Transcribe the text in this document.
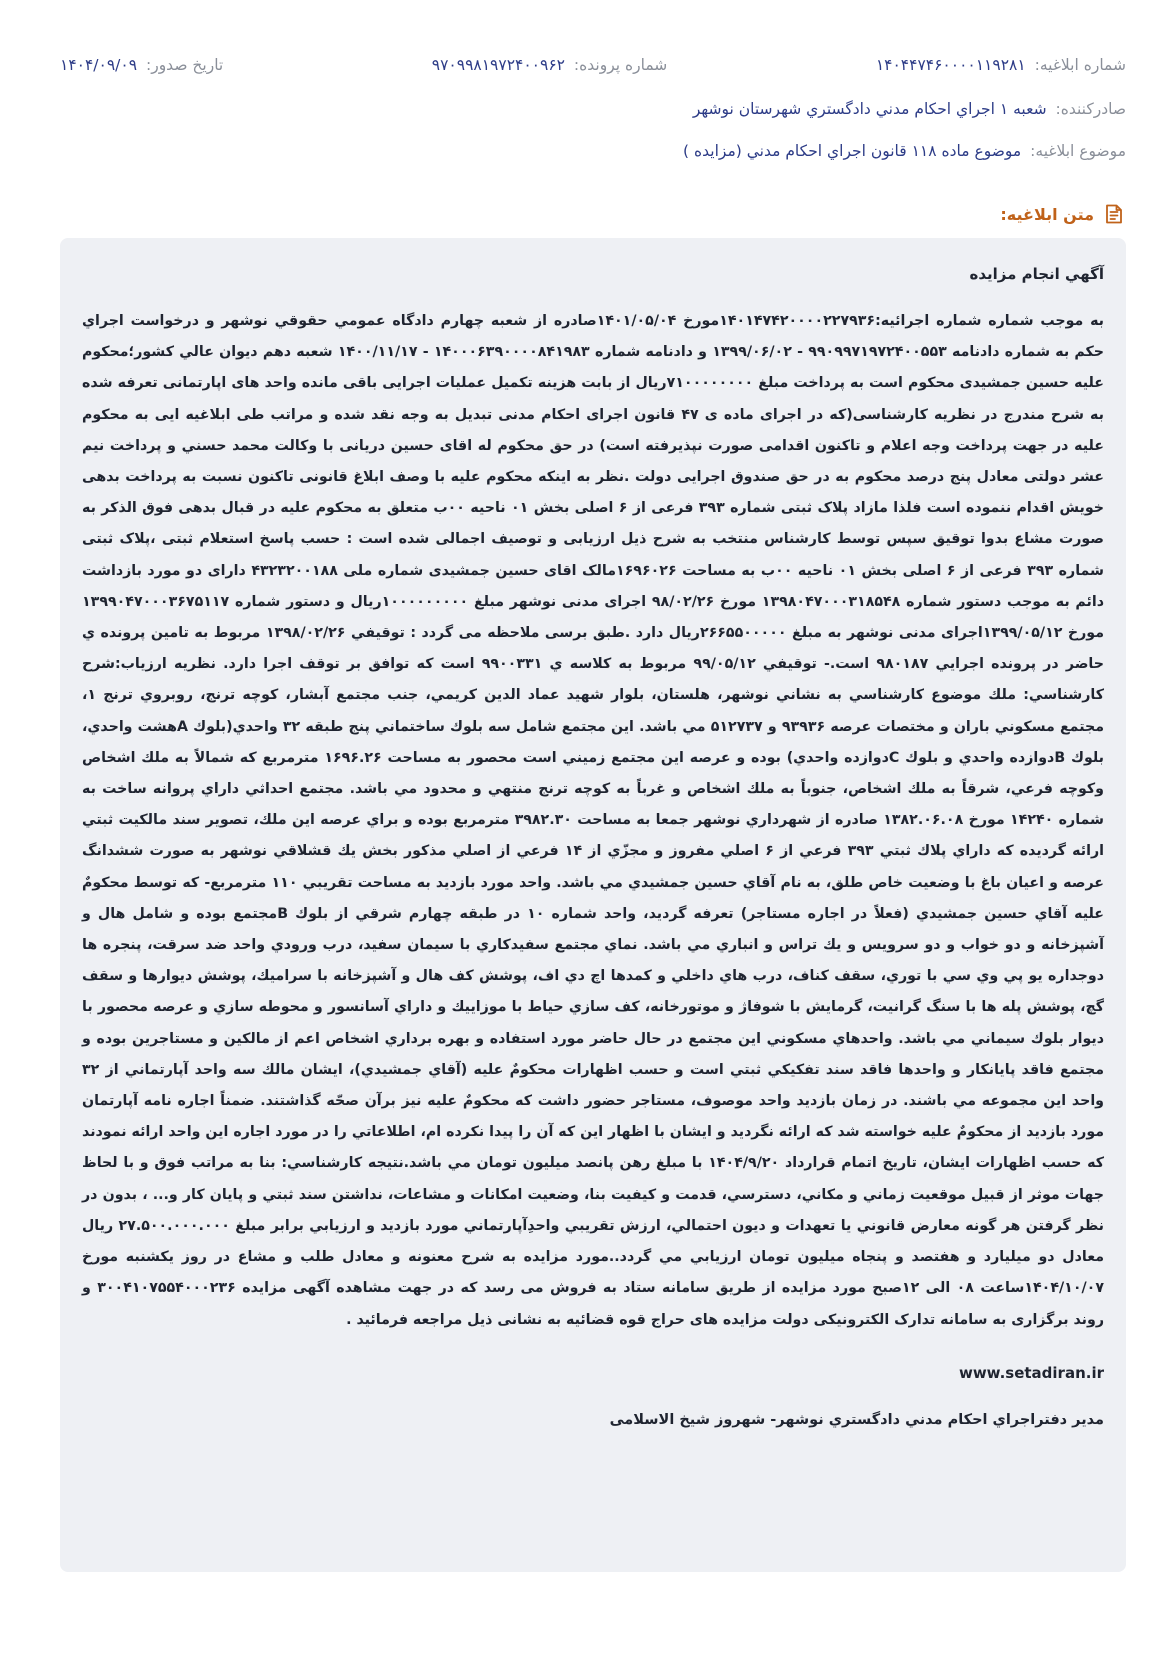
شماره ابلاغيه: ۱۴۰۴۴۷۴۶۰۰۰۰۱۱۹۲۸۱
شماره پرونده: ۹۷۰۹۹۸۱۹۷۲۴۰۰۹۶۲
تاريخ صدور: ۱۴۰۴/۰۹/۰۹
صادرکننده: شعبه ۱ اجراي احکام مدني دادگستري شهرستان نوشهر
موضوع ابلاغيه: موضوع ماده ۱۱۸ قانون اجراي احکام مدني (مزايده )
متن ابلاغيه:

آگهي انجام مزايده

به موجب شماره شماره اجرائيه:۱۴۰۱۴۷۴۲۰۰۰۰۲۲۷۹۳۶مورخ ۱۴۰۱/۰۵/۰۴صادره از شعبه چهارم دادگاه عمومي حقوقي نوشهر و درخواست اجراي حکم به شماره دادنامه ۹۹۰۹۹۷۱۹۷۲۴۰۰۵۵۳ - ۱۳۹۹/۰۶/۰۲ و دادنامه شماره ۱۴۰۰۰۶۳۹۰۰۰۰۸۴۱۹۸۳ - ۱۴۰۰/۱۱/۱۷ شعبه دهم ديوان عالي کشور؛محکوم عليه حسين جمشيدی محکوم است به پرداخت مبلغ ۷۱۰۰۰۰۰۰۰۰ريال از بابت هزينه تکميل عمليات اجرايی باقی مانده واحد های اپارتمانی تعرفه شده به شرح مندرج در نظريه کارشناسی(که در اجرای ماده ی ۴۷ قانون اجرای احکام مدنی تبديل به وجه نقد شده و مراتب طی ابلاغيه ايی به محکوم عليه در جهت پرداخت وجه اعلام و تاکنون اقدامی صورت نپذيرفته است) در حق محکوم له اقای حسين دريانی با وکالت محمد حسني و پرداخت نيم عشر دولتی معادل پنج درصد محکوم به در حق صندوق اجرايی دولت .نظر به اينکه محکوم عليه با وصف ابلاغ قانونی تاکنون نسبت به پرداخت بدهی خويش اقدام ننموده است فلذا مازاد پلاک ثبتی شماره ۳۹۳ فرعی از ۶ اصلی بخش ۰۱ ناحيه ۰۰ب متعلق به محکوم عليه در قبال بدهی فوق الذکر به صورت مشاع بدوا توقيق سپس توسط کارشناس منتخب به شرح ذيل ارزيابی و توصيف اجمالی شده است : حسب پاسخ استعلام ثبتی ،پلاک ثبتی شماره ۳۹۳ فرعی از ۶ اصلی بخش ۰۱ ناحيه ۰۰ب به مساحت ۱۶۹۶۰۲۶مالک اقای حسين جمشيدی شماره ملی ۴۳۲۳۲۰۰۱۸۸ دارای دو مورد بازداشت دائم به موجب دستور شماره ۱۳۹۸۰۴۷۰۰۰۳۱۸۵۴۸ مورخ ۹۸/۰۲/۲۶ اجرای مدنی نوشهر مبلغ ۱۰۰۰۰۰۰۰۰۰ريال و دستور شماره ۱۳۹۹۰۴۷۰۰۰۳۶۷۵۱۱۷ مورخ ۱۳۹۹/۰۵/۱۲اجرای مدنی نوشهر به مبلغ ۲۶۶۵۵۰۰۰۰۰ريال دارد .طبق برسی ملاحظه می گردد : توقيفي ۱۳۹۸/۰۲/۲۶ مربوط به تامين پرونده ي حاضر در پرونده اجرايي ۹۸۰۱۸۷ است.- توقيفي ۹۹/۰۵/۱۲ مربوط به کلاسه ي ۹۹۰۰۳۳۱ است كه توافق بر توقف اجرا دارد. نظريه ارزياب:شرح کارشناسي: ملك موضوع كارشناسي به نشاني نوشهر، هلستان، بلوار شهيد عماد الدين كريمي، جنب مجتمع آبشار، كوچه ترنج، روبروي ترنج ۱، مجتمع مسكوني باران و مختصات عرصه ۹۳۹۳۶ و ۵۱۲۷۳۷ مي باشد. اين مجتمع شامل سه بلوك ساختماني پنج طبقه ۳۲ واحدي(بلوك Aهشت واحدي، بلوك Bدوازده واحدي و بلوك Cدوازده واحدي) بوده و عرصه اين مجتمع زميني است محصور به مساحت ۱۶۹۶.۲۶ مترمربع كه شمالاً به ملك اشخاص وكوچه فرعي، شرقاً به ملك اشخاص، جنوباً به ملك اشخاص و غرباً به كوچه ترنج منتهي و محدود مي باشد. مجتمع احداثي داراي پروانه ساخت به شماره ۱۴۲۴۰ مورخ ۱۳۸۲.۰۶.۰۸ صادره از شهرداري نوشهر جمعا به مساحت ۳۹۸۲.۳۰ مترمربع بوده و براي عرصه اين ملك، تصوير سند مالكيت ثبتي ارائه گرديده كه داراي پلاك ثبتي ۳۹۳ فرعي از ۶ اصلي مفروز و مجزّي از ۱۴ فرعي از اصلي مذكور بخش يك قشلاقي نوشهر به صورت ششدانگ عرصه و اعيان باغ با وضعيت خاص طلق، به نام آقاي حسين جمشيدي مي باشد. واحد مورد بازديد به مساحت تقريبي ۱۱۰ مترمربع- كه توسط محكومٌ عليه آقاي حسين جمشيدي (فعلاً در اجاره مستاجر) تعرفه گرديد، واحد شماره ۱۰ در طبقه چهارم شرقي از بلوك Bمجتمع بوده و شامل هال و آشپزخانه و دو خواب و دو سرويس و يك تراس و انباري مي باشد. نماي مجتمع سفيدكاري با سيمان سفيد، درب ورودي واحد ضد سرقت، پنجره ها دوجداره يو پي وي سي با توري، سقف كناف، درب هاي داخلي و كمدها اچ دي اف، پوشش كف هال و آشپزخانه با سراميك، پوشش ديوارها و سقف گچ، پوشش پله ها با سنگ گرانيت، گرمايش با شوفاژ و موتورخانه، كف سازي حياط با موزاييك و داراي آسانسور و محوطه سازي و عرصه محصور با ديوار بلوك سيماني مي باشد. واحدهاي مسكوني اين مجتمع در حال حاضر مورد استفاده و بهره برداري اشخاص اعم از مالكين و مستاجرين بوده و مجتمع فاقد پايانكار و واحدها فاقد سند تفكيكي ثبتي است و حسب اظهارات محكومٌ عليه (آقاي جمشيدي)، ايشان مالك سه واحد آپارتماني از ۳۲ واحد اين مجموعه مي باشند. در زمان بازديد واحد موصوف، مستاجر حضور داشت كه محكومٌ عليه نيز برآن صحّه گذاشتند. ضمناً اجاره نامه آپارتمان مورد بازديد از محكومٌ عليه خواسته شد كه ارائه نگرديد و ايشان با اظهار اين كه آن را پيدا نكرده ام، اطلاعاتي را در مورد اجاره اين واحد ارائه نمودند كه حسب اظهارات ايشان، تاريخ اتمام قرارداد ۱۴۰۴/۹/۲۰ با مبلغ رهن پانصد ميليون تومان مي باشد.نتيجه كارشناسي: بنا به مراتب فوق و با لحاظ جهات موثر از قبيل موقعيت زماني و مكاني، دسترسي، قدمت و كيفيت بنا، وضعيت امكانات و مشاعات، نداشتن سند ثبتي و پايان كار و... ، بدون در نظر گرفتن هر گونه معارض قانوني يا تعهدات و ديون احتمالي، ارزش تقريبي واحدِآپارتماني مورد بازديد و ارزيابي برابر مبلغ ۲۷.۵۰۰.۰۰۰.۰۰۰ ريال معادل دو ميليارد و هفتصد و پنجاه ميليون تومان ارزيابي مي گردد..مورد مزايده به شرح معنونه و معادل طلب و مشاع در روز يکشنبه مورخ ۱۴۰۴/۱۰/۰۷ساعت ۰۸ الی ۱۲صبح مورد مزايده از طريق سامانه ستاد به فروش می رسد که در جهت مشاهده آگهی مزايده ۳۰۰۴۱۰۷۵۵۴۰۰۰۲۳۶ و روند برگزاری به سامانه تدارک الکترونيکی دولت مزايده های حراج قوه قضائيه به نشانی ذيل مراجعه فرمائيد .

www.setadiran.ir

مدير دفتراجراي احكام مدني دادگستري نوشهر- شهروز شيخ الاسلامی
